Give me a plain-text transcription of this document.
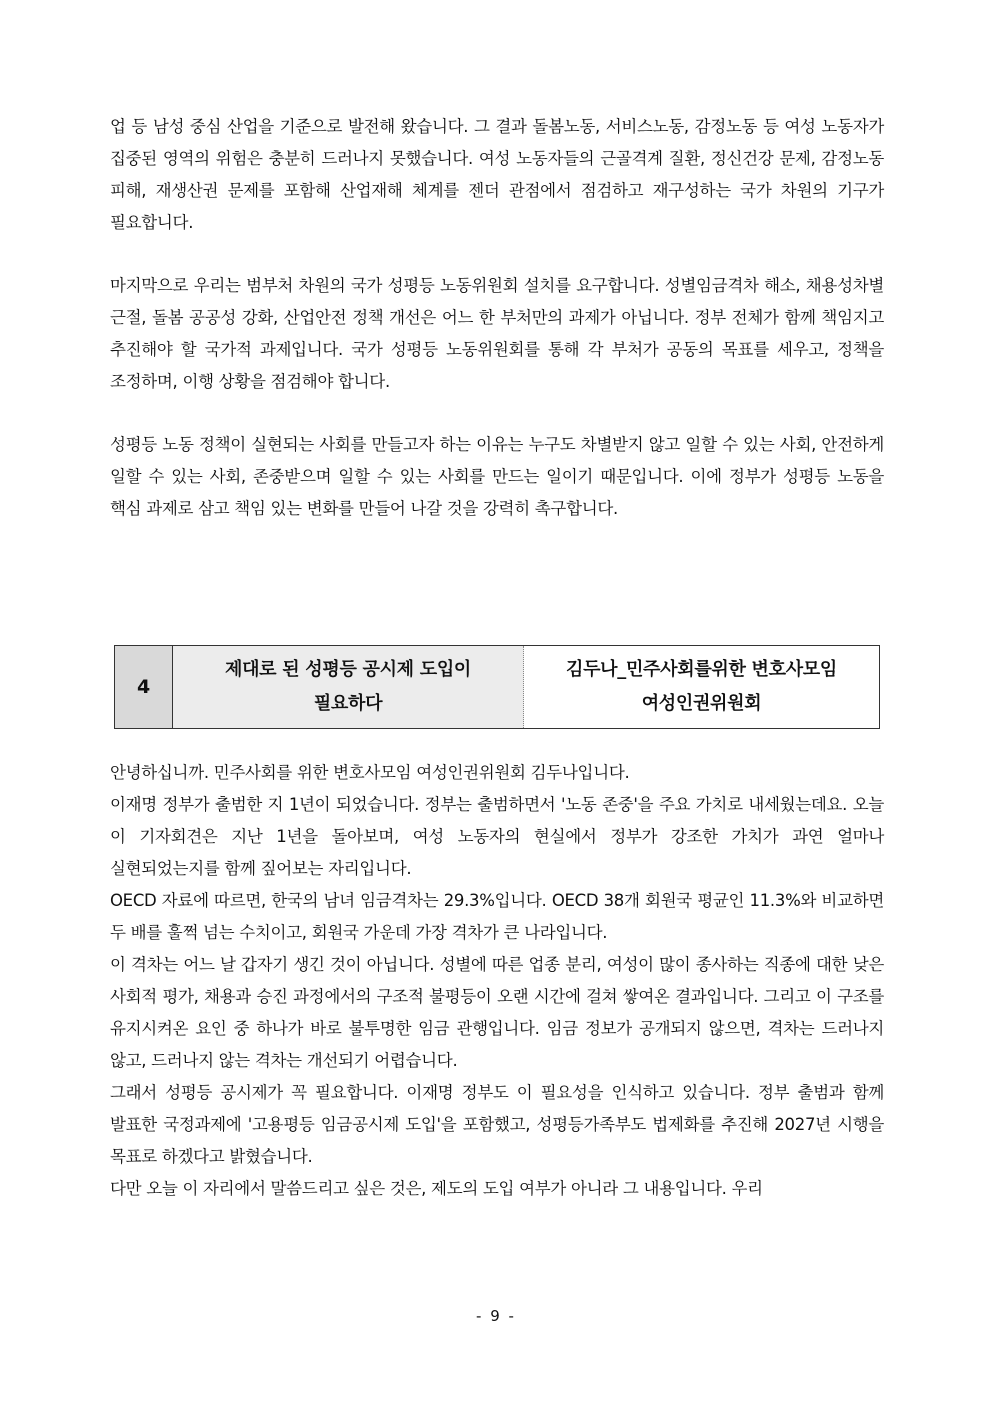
업 등 남성 중심 산업을 기준으로 발전해 왔습니다. 그 결과 돌봄노동, 서비스노동, 감정노동 등 여성 노동자가 집중된 영역의 위험은 충분히 드러나지 못했습니다. 여성 노동자들의 근골격계 질환, 정신건강 문제, 감정노동 피해, 재생산권 문제를 포함해 산업재해 체계를 젠더 관점에서 점검하고 재구성하는 국가 차원의 기구가 필요합니다.

마지막으로 우리는 범부처 차원의 국가 성평등 노동위원회 설치를 요구합니다. 성별임금격차 해소, 채용성차별 근절, 돌봄 공공성 강화, 산업안전 정책 개선은 어느 한 부처만의 과제가 아닙니다. 정부 전체가 함께 책임지고 추진해야 할 국가적 과제입니다. 국가 성평등 노동위원회를 통해 각 부처가 공동의 목표를 세우고, 정책을 조정하며, 이행 상황을 점검해야 합니다.

성평등 노동 정책이 실현되는 사회를 만들고자 하는 이유는 누구도 차별받지 않고 일할 수 있는 사회, 안전하게 일할 수 있는 사회, 존중받으며 일할 수 있는 사회를 만드는 일이기 때문입니다. 이에 정부가 성평등 노동을 핵심 과제로 삼고 책임 있는 변화를 만들어 나갈 것을 강력히 촉구합니다.

4	
제대로 된 성평등 공시제 도입이
필요하다

김두나_민주사회를위한 변호사모임
여성인권위원회

안녕하십니까. 민주사회를 위한 변호사모임 여성인권위원회 김두나입니다.

이재명 정부가 출범한 지 1년이 되었습니다. 정부는 출범하면서 '노동 존중'을 주요 가치로 내세웠는데요. 오늘 이 기자회견은 지난 1년을 돌아보며, 여성 노동자의 현실에서 정부가 강조한 가치가 과연 얼마나 실현되었는지를 함께 짚어보는 자리입니다.

OECD 자료에 따르면, 한국의 남녀 임금격차는 29.3%입니다. OECD 38개 회원국 평균인 11.3%와 비교하면 두 배를 훌쩍 넘는 수치이고, 회원국 가운데 가장 격차가 큰 나라입니다.

이 격차는 어느 날 갑자기 생긴 것이 아닙니다. 성별에 따른 업종 분리, 여성이 많이 종사하는 직종에 대한 낮은 사회적 평가, 채용과 승진 과정에서의 구조적 불평등이 오랜 시간에 걸쳐 쌓여온 결과입니다. 그리고 이 구조를 유지시켜온 요인 중 하나가 바로 불투명한 임금 관행입니다. 임금 정보가 공개되지 않으면, 격차는 드러나지 않고, 드러나지 않는 격차는 개선되기 어렵습니다.

그래서 성평등 공시제가 꼭 필요합니다. 이재명 정부도 이 필요성을 인식하고 있습니다. 정부 출범과 함께 발표한 국정과제에 '고용평등 임금공시제 도입'을 포함했고, 성평등가족부도 법제화를 추진해 2027년 시행을 목표로 하겠다고 밝혔습니다.

다만 오늘 이 자리에서 말씀드리고 싶은 것은, 제도의 도입 여부가 아니라 그 내용입니다. 우리

- 9 -
